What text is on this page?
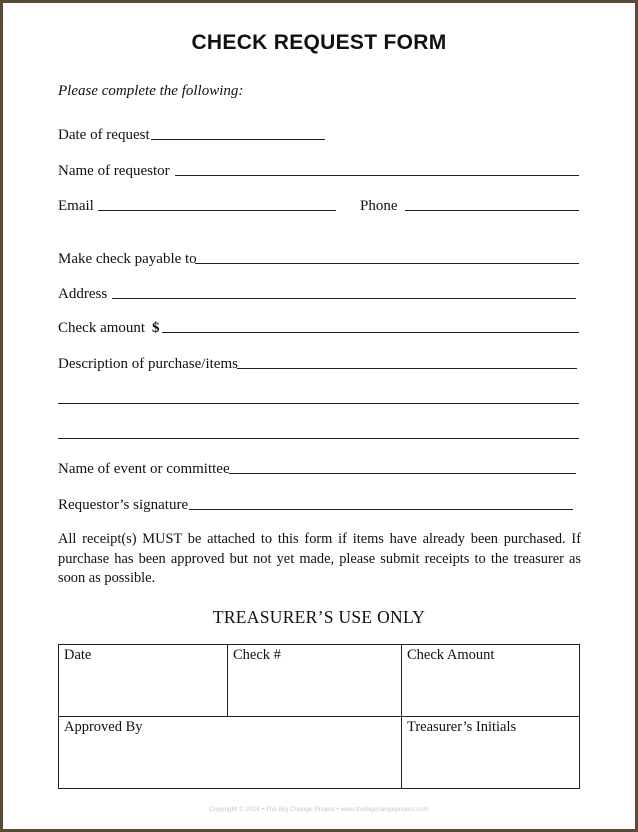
CHECK REQUEST FORM
Please complete the following:
Date of request
Name of requestor
Email	Phone
Make check payable to
Address
Check amount $
Description of purchase/items
Name of event or committee
Requestor’s signature
All receipt(s) MUST be attached to this form if items have already been purchased. If purchase has been approved but not yet made, please submit receipts to the treasurer as soon as possible.
TREASURER’S USE ONLY
Date	Check #	Check Amount
Approved By		Treasurer’s Initials
Copyright © 2014 • The Big Change Project • www.thebigchangeproject.com
